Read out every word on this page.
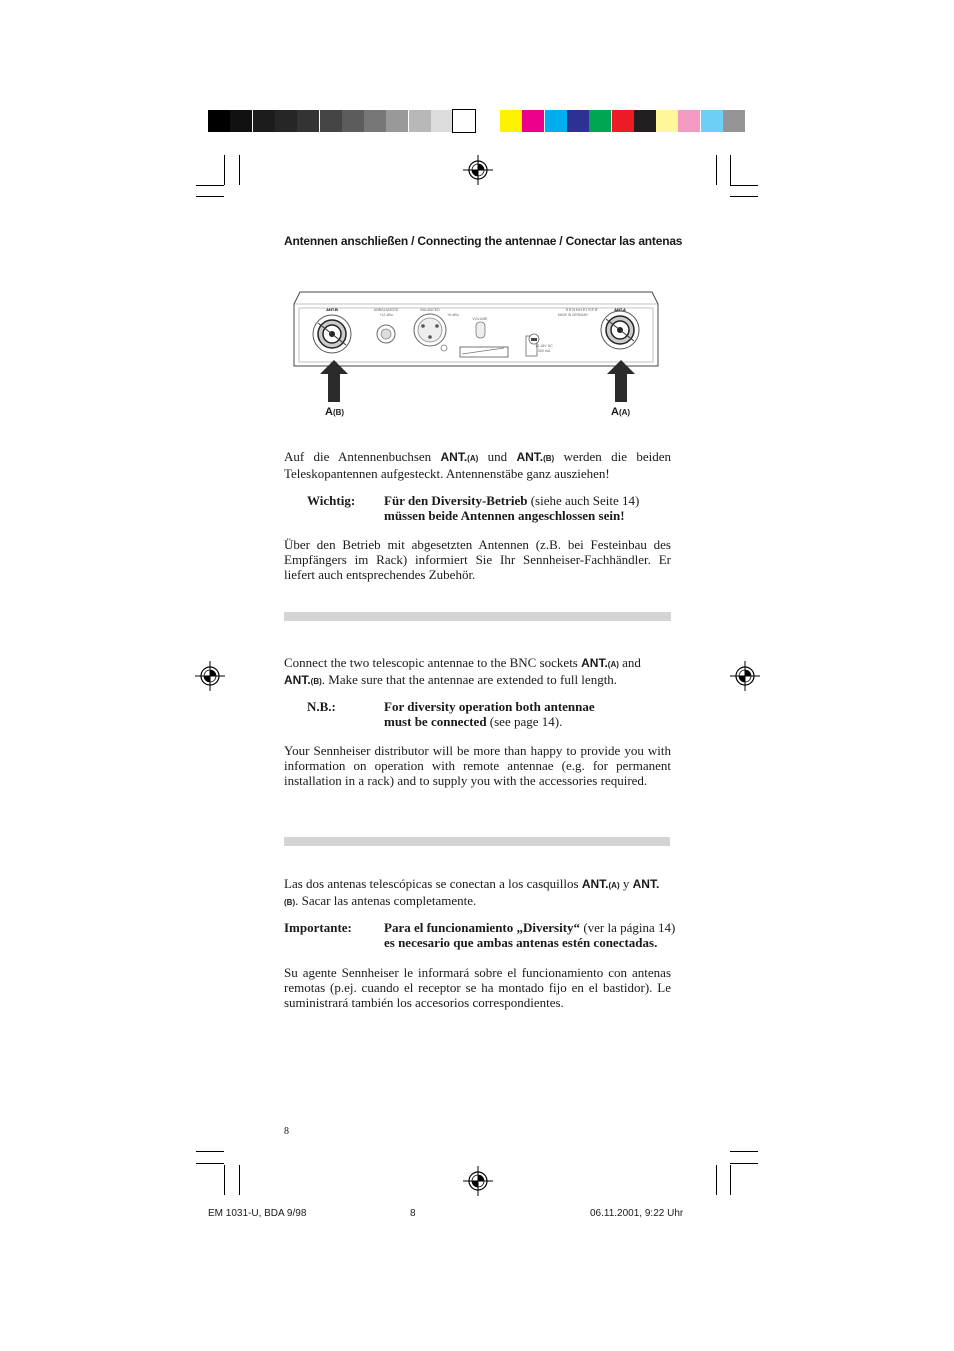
Antennen anschließen / Connecting the antennae / Conectar las antenas
ANT.B	ANT.A
UNBALANCED
+12 dBu
BALANCED
+6 dBu
VOLUME
SENNHEISER
MADE IN GERMANY
12-18V DC
300 mA
A(B)	A(A)
Auf die Antennenbuchsen ANT.(A) und ANT.(B) werden die beiden Teleskopantennen aufgesteckt. Antennenstäbe ganz ausziehen!
Wichtig: Für den Diversity-Betrieb (siehe auch Seite 14)
müssen beide Antennen angeschlossen sein!
Über den Betrieb mit abgesetzten Antennen (z.B. bei Festeinbau des Empfängers im Rack) informiert Sie Ihr Sennheiser-Fachhändler. Er liefert auch entsprechendes Zubehör.
Connect the two telescopic antennae to the BNC sockets ANT.(A) and
ANT.(B). Make sure that the antennae are extended to full length.
N.B.:	For diversity operation both antennae
must be connected (see page 14).
Your Sennheiser distributor will be more than happy to provide you with information on operation with remote antennae (e.g. for permanent installation in a rack) and to supply you with the accessories required.
Las dos antenas telescópicas se conectan a los casquillos ANT.(A) y ANT.(B). Sacar las antenas completamente.
Importante: Para el funcionamiento „Diversity“ (ver la página 14)
es necesario que ambas antenas estén conectadas.
Su agente Sennheiser le informará sobre el funcionamiento con antenas remotas (p.ej. cuando el receptor se ha montado fijo en el bastidor). Le suministrará también los accesorios correspondientes.
8
EM 1031-U, BDA 9/98	8	06.11.2001, 9:22 Uhr
